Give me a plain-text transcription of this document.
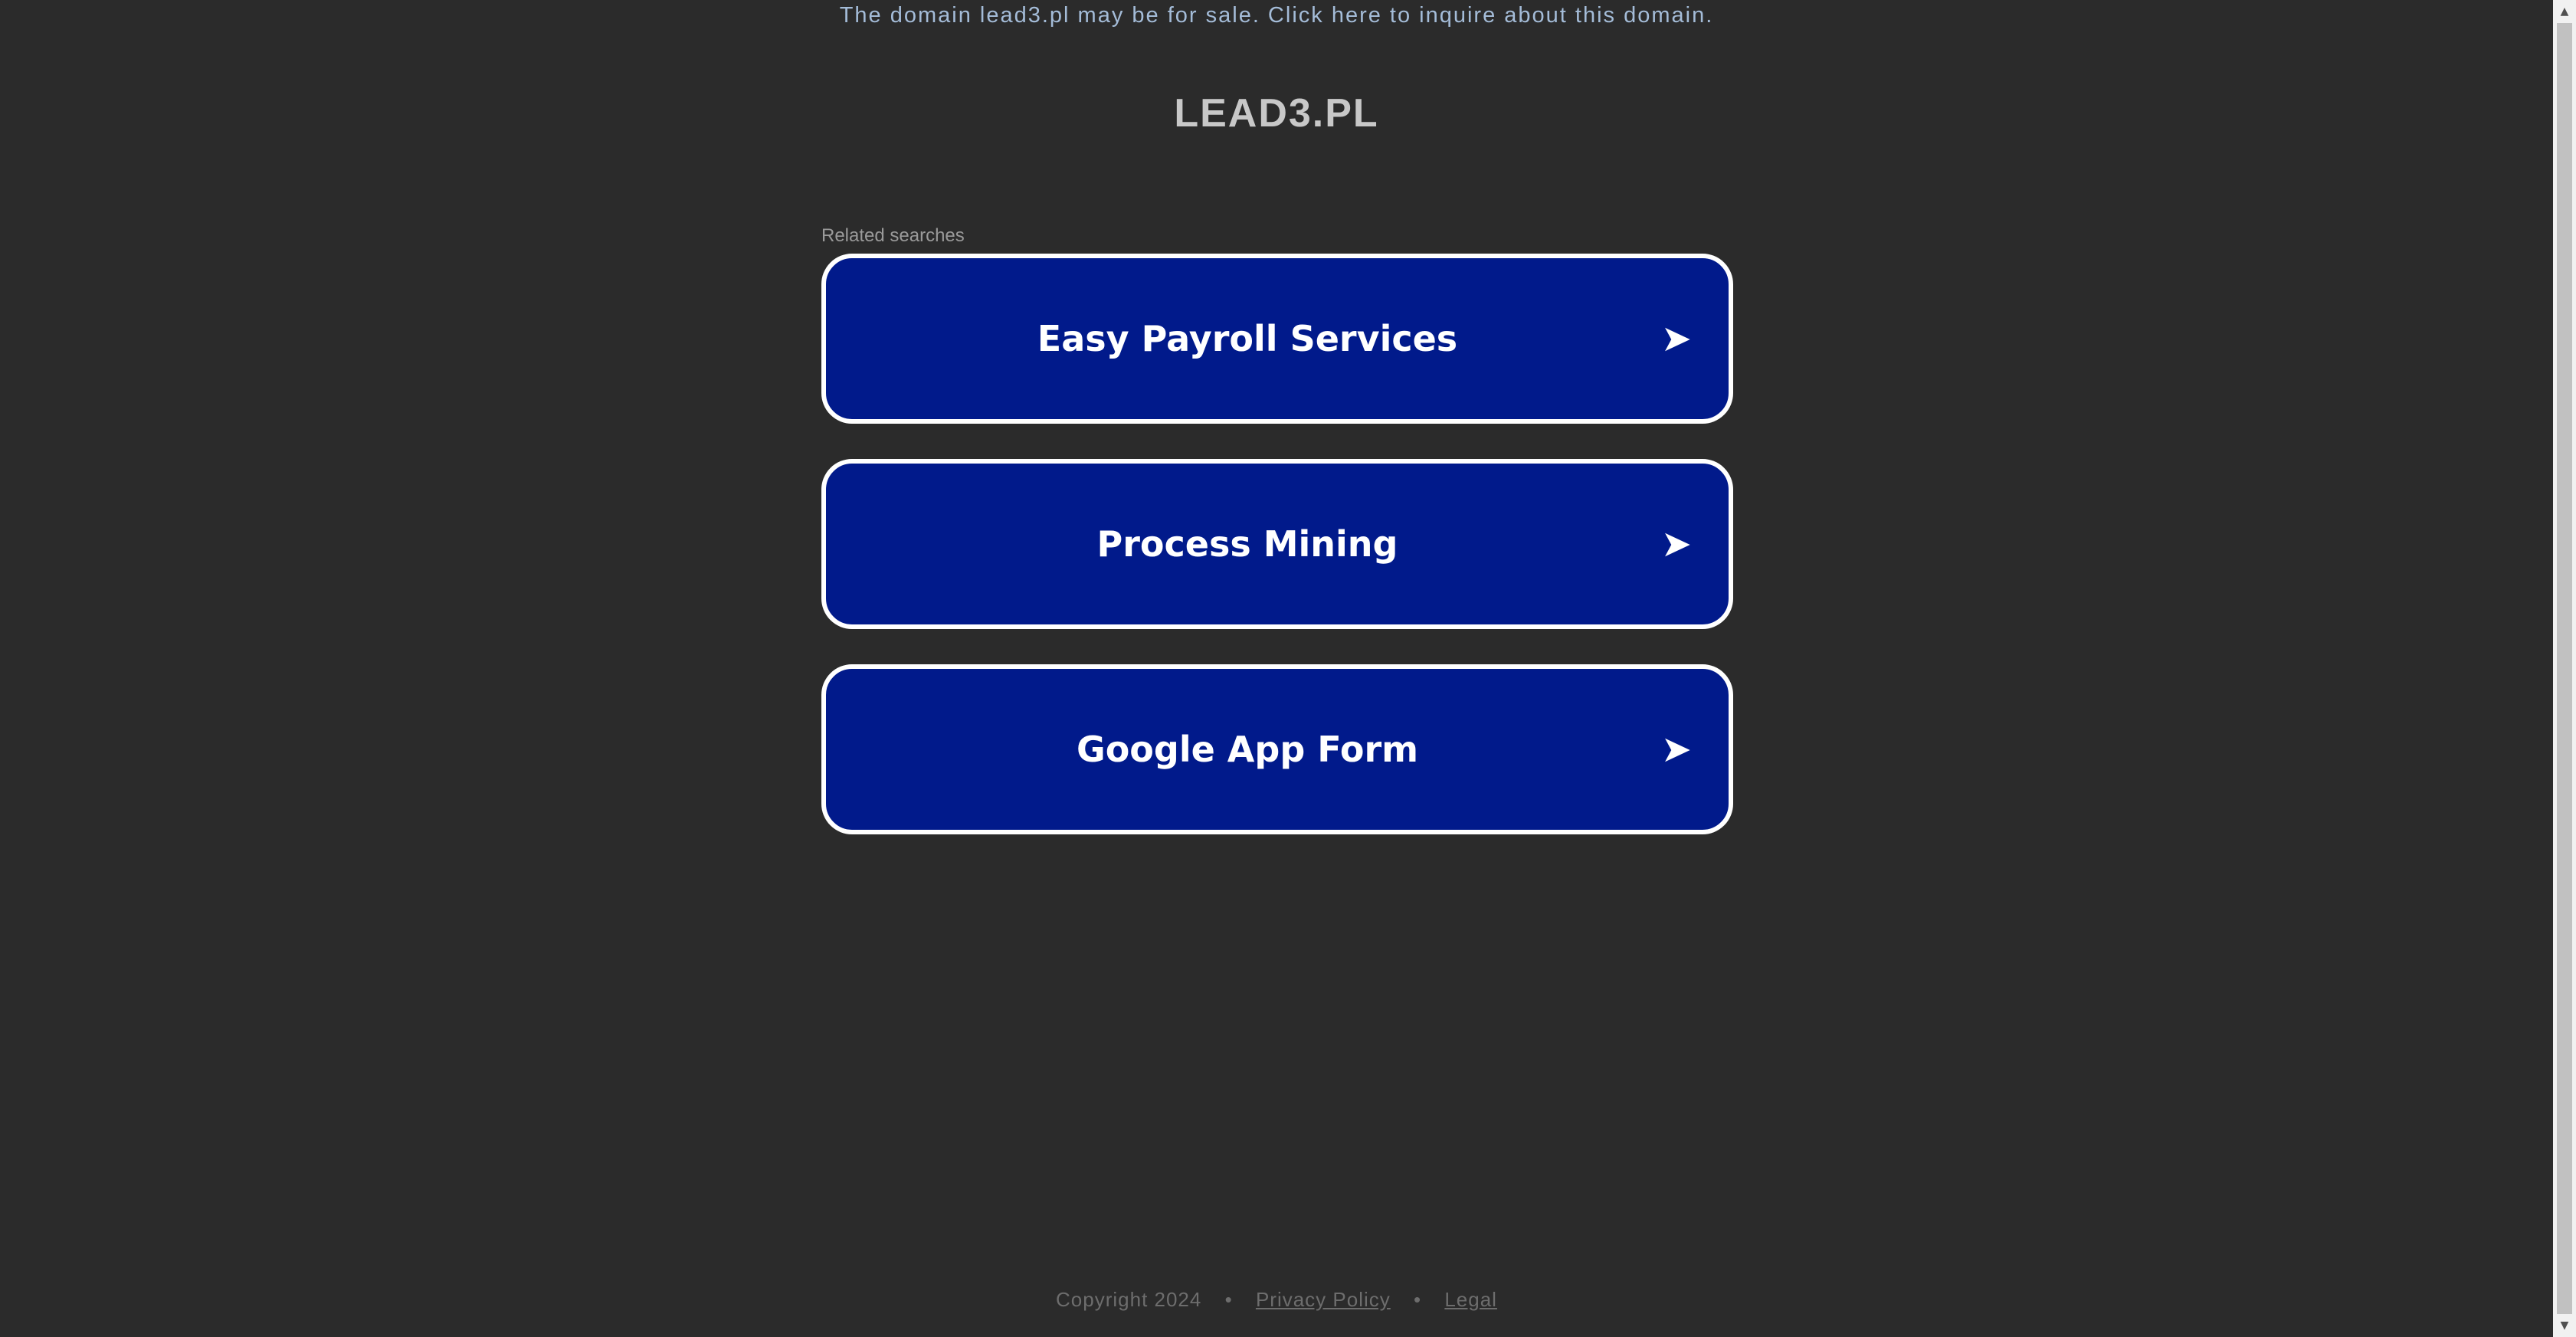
The domain lead3.pl may be for sale. Click here to inquire about this domain.
LEAD3.PL
Related searches
Easy Payroll Services	➤
Process Mining	➤
Google App Form	➤
Copyright 2024 • Privacy Policy • Legal
▲
▼
